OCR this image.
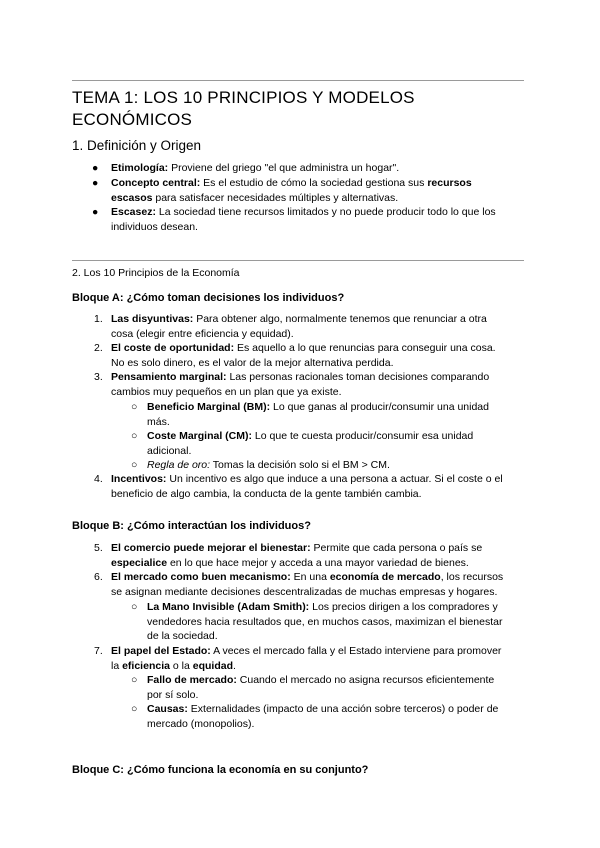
TEMA 1: LOS 10 PRINCIPIOS Y MODELOS ECONÓMICOS
1. Definición y Origen
● Etimología: Proviene del griego "el que administra un hogar".
● Concepto central: Es el estudio de cómo la sociedad gestiona sus recursos
escasos para satisfacer necesidades múltiples y alternativas.
● Escasez: La sociedad tiene recursos limitados y no puede producir todo lo que los
individuos desean.
2. Los 10 Principios de la Economía
Bloque A: ¿Cómo toman decisiones los individuos?
1. Las disyuntivas: Para obtener algo, normalmente tenemos que renunciar a otra
cosa (elegir entre eficiencia y equidad).
2. El coste de oportunidad: Es aquello a lo que renuncias para conseguir una cosa.
No es solo dinero, es el valor de la mejor alternativa perdida.
3. Pensamiento marginal: Las personas racionales toman decisiones comparando
cambios muy pequeños en un plan que ya existe.
○ Beneficio Marginal (BM): Lo que ganas al producir/consumir una unidad
más.
○ Coste Marginal (CM): Lo que te cuesta producir/consumir esa unidad
adicional.
○ Regla de oro: Tomas la decisión solo si el BM > CM.
4. Incentivos: Un incentivo es algo que induce a una persona a actuar. Si el coste o el
beneficio de algo cambia, la conducta de la gente también cambia.
Bloque B: ¿Cómo interactúan los individuos?
5. El comercio puede mejorar el bienestar: Permite que cada persona o país se
especialice en lo que hace mejor y acceda a una mayor variedad de bienes.
6. El mercado como buen mecanismo: En una economía de mercado, los recursos
se asignan mediante decisiones descentralizadas de muchas empresas y hogares.
○ La Mano Invisible (Adam Smith): Los precios dirigen a los compradores y
vendedores hacia resultados que, en muchos casos, maximizan el bienestar
de la sociedad.
7. El papel del Estado: A veces el mercado falla y el Estado interviene para promover
la eficiencia o la equidad.
○ Fallo de mercado: Cuando el mercado no asigna recursos eficientemente
por sí solo.
○ Causas: Externalidades (impacto de una acción sobre terceros) o poder de
mercado (monopolios).
Bloque C: ¿Cómo funciona la economía en su conjunto?
